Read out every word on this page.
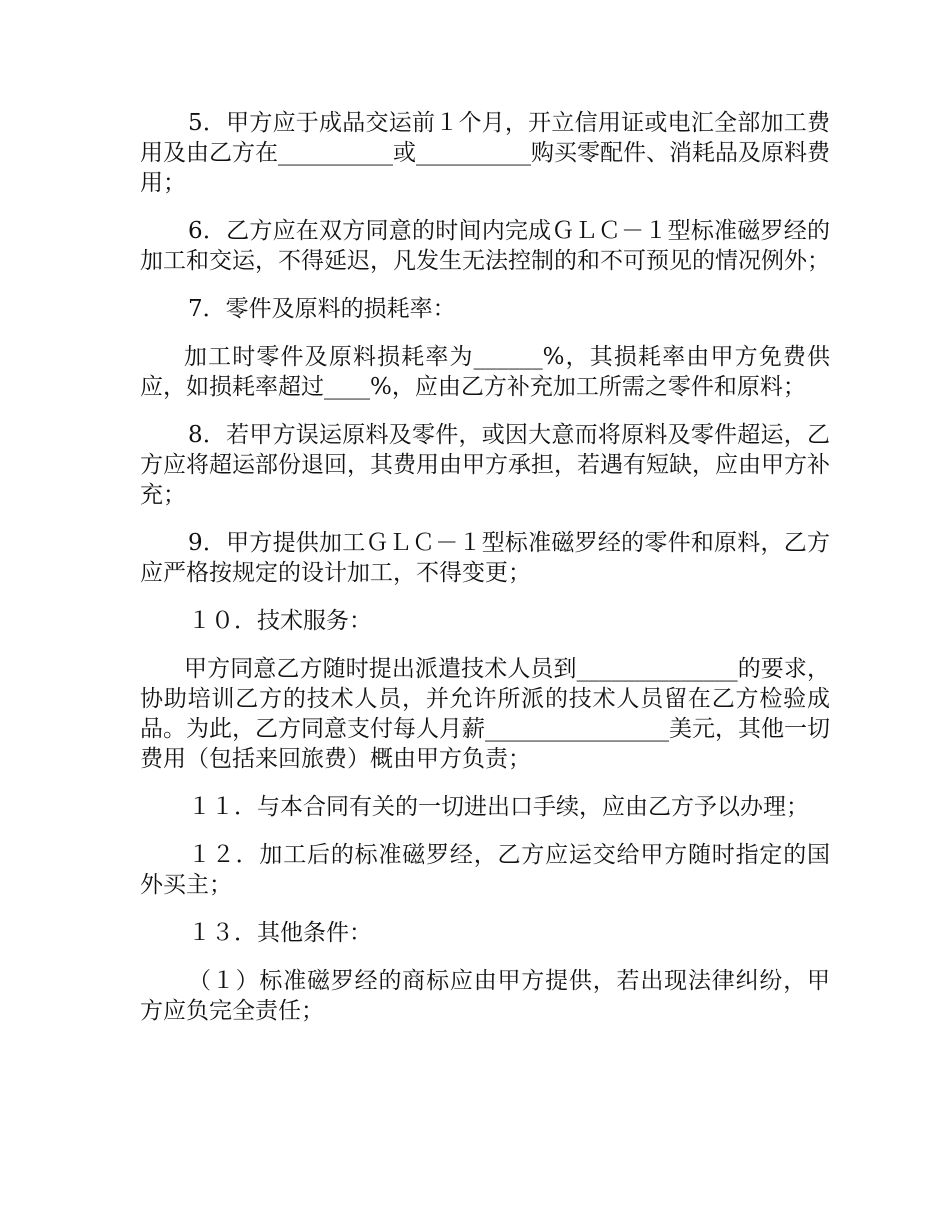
5．甲方应于成品交运前１个月，开立信用证或电汇全部加工费用及由乙方在__________或__________购买零配件、消耗品及原料费用；

6．乙方应在双方同意的时间内完成ＧＬＣ－１型标准磁罗经的加工和交运，不得延迟，凡发生无法控制的和不可预见的情况例外；

7．零件及原料的损耗率：

加工时零件及原料损耗率为______%，其损耗率由甲方免费供应，如损耗率超过____%，应由乙方补充加工所需之零件和原料；

8．若甲方误运原料及零件，或因大意而将原料及零件超运，乙方应将超运部份退回，其费用由甲方承担，若遇有短缺，应由甲方补充；

9．甲方提供加工ＧＬＣ－１型标准磁罗经的零件和原料，乙方应严格按规定的设计加工，不得变更；

１０．技术服务：

甲方同意乙方随时提出派遣技术人员到______________的要求，协助培训乙方的技术人员，并允许所派的技术人员留在乙方检验成品。为此，乙方同意支付每人月薪________________美元，其他一切费用（包括来回旅费）概由甲方负责；

１１．与本合同有关的一切进出口手续，应由乙方予以办理；

１２．加工后的标准磁罗经，乙方应运交给甲方随时指定的国外买主；

１３．其他条件：

（１）标准磁罗经的商标应由甲方提供，若出现法律纠纷，甲方应负完全责任；
